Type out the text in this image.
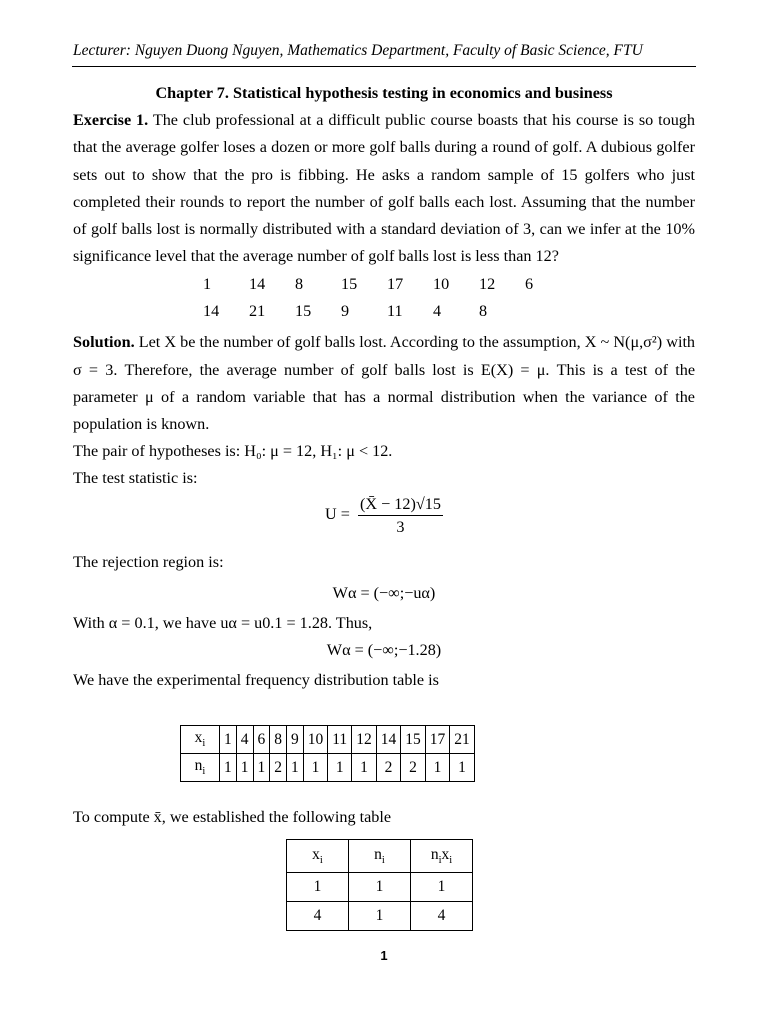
Lecturer: Nguyen Duong Nguyen, Mathematics Department, Faculty of Basic Science, FTU

Chapter 7. Statistical hypothesis testing in economics and business

Exercise 1. The club professional at a difficult public course boasts that his course is so tough that the average golfer loses a dozen or more golf balls during a round of golf. A dubious golfer sets out to show that the pro is fibbing. He asks a random sample of 15 golfers who just completed their rounds to report the number of golf balls each lost. Assuming that the number of golf balls lost is normally distributed with a standard deviation of 3, can we infer at the 10% significance level that the average number of golf balls lost is less than 12?

1	14	8	15	17	10	12	6
14	21	15	9	11	4	8

Solution. Let X be the number of golf balls lost. According to the assumption, X ~ N(μ,σ²) with σ = 3. Therefore, the average number of golf balls lost is E(X) = μ. This is a test of the parameter μ of a random variable that has a normal distribution when the variance of the population is known.

The pair of hypotheses is: H₀: μ = 12, H₁: μ < 12.

The test statistic is:

$U = \frac{(X̄ - 12)√15}{3}$

The rejection region is:

Wα = (−∞;−uα)

With α = 0.1, we have uα = u0.1 = 1.28. Thus,

Wα = (−∞;−1.28)

We have the experimental frequency distribution table is

$x_i$	1	4	6	8	9	10	11	12	14	15	17	21
$n_i$	1	1	1	2	1	1	1	1	2	2	1	1
To compute x̄, we established the following table
$x_i$	$n_i$	$n_ix_i$
1	1	1
4	1	4
1
